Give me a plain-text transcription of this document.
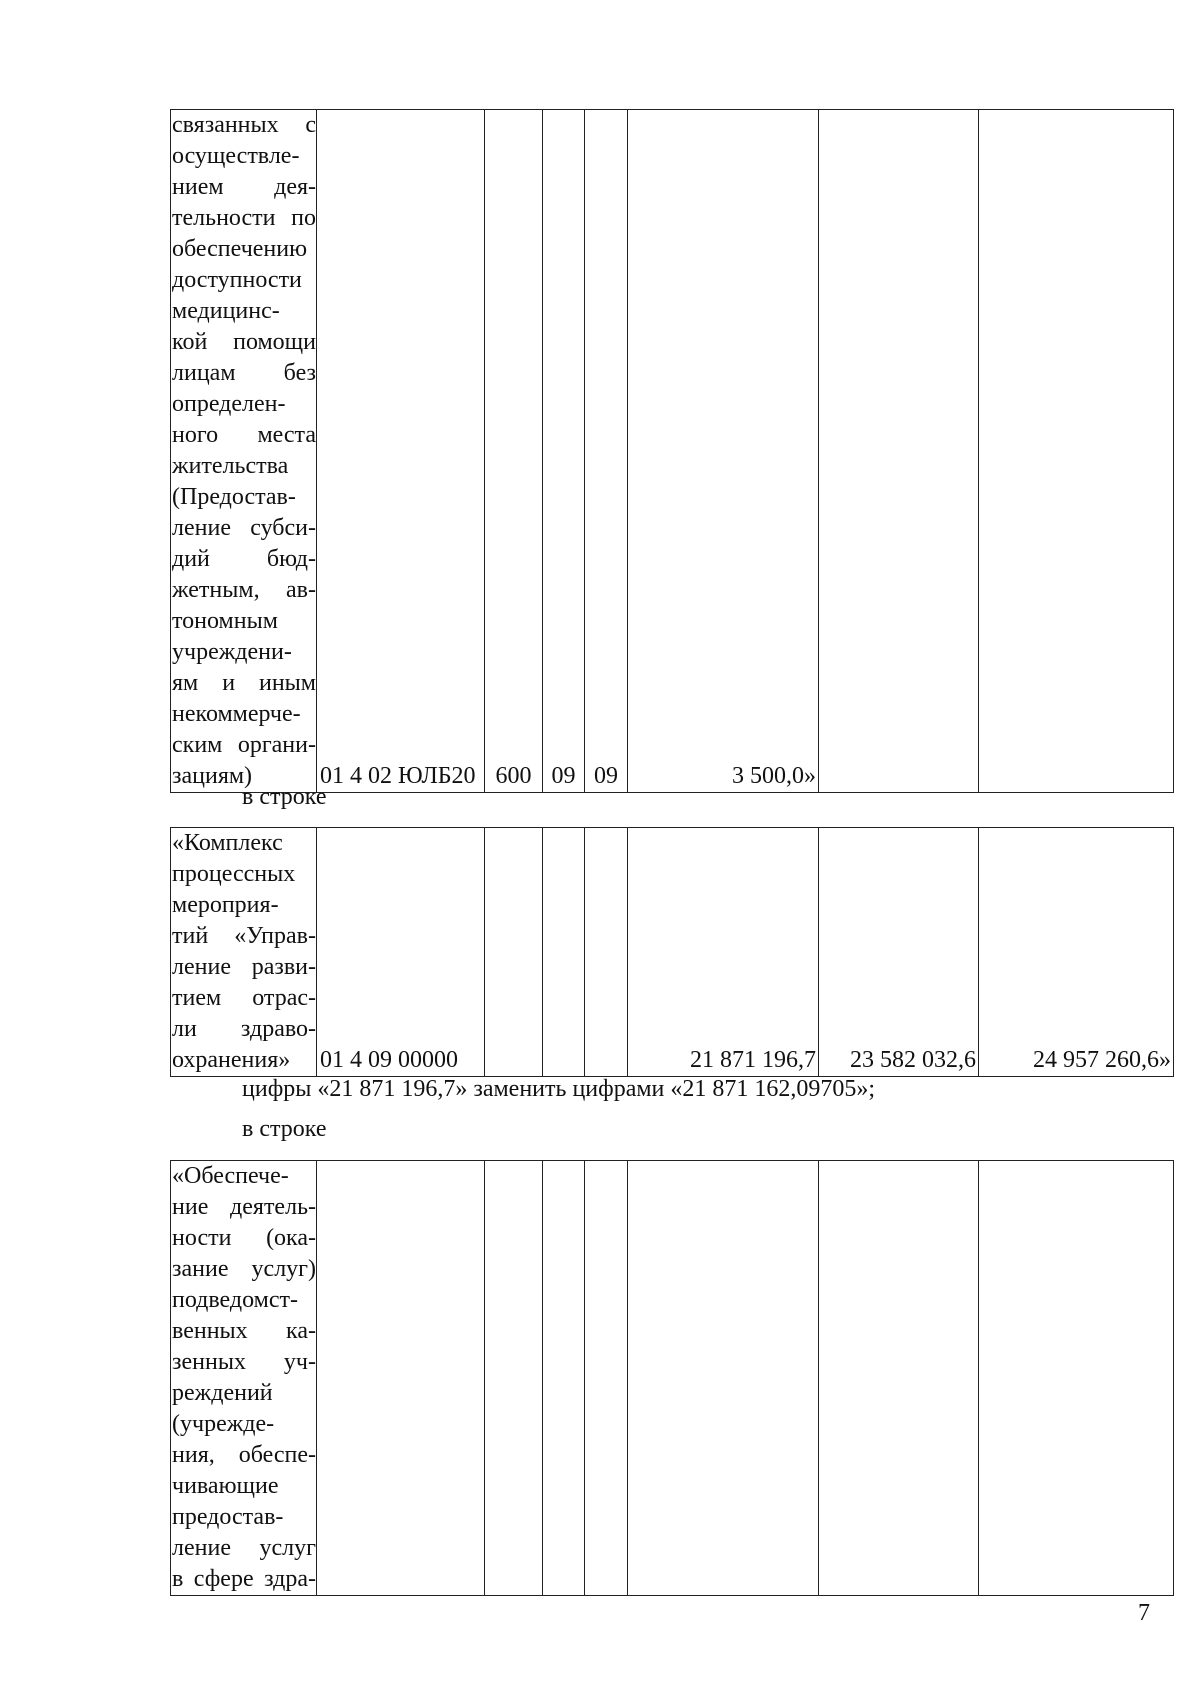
связанных с
осуществле-
нием дея-
тельности по
обеспечению
доступности
медицинс-
кой помощи
лицам без
определен-
ного места
жительства
(Предостав-
ление субси-
дий бюд-
жетным, ав-
тономным
учреждени-
ям и иным
некоммерче-
ским органи-
зациям)	01 4 02 ЮЛБ20	600	09	09	3 500,0»		
в строке
«Комплекс
процессных
мероприя-
тий «Управ-
ление разви-
тием отрас-
ли здраво-
охранения»	01 4 09 00000				21 871 196,7	23 582 032,6	24 957 260,6»
цифры «21 871 196,7» заменить цифрами «21 871 162,09705»;
в строке
«Обеспече-
ние деятель-
ности (ока-
зание услуг)
подведомст-
венных ка-
зенных уч-
реждений
(учрежде-
ния, обеспе-
чивающие
предостав-
ление услуг
в сфере здра-

7
